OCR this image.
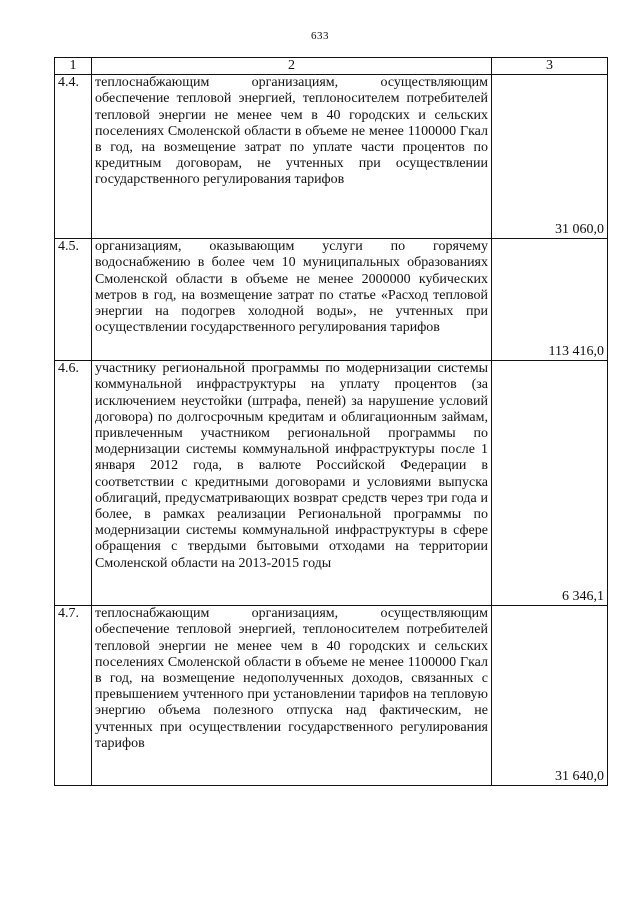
633
1	2	3
4.4.	теплоснабжающим организациям, осуществляющим обеспечение тепловой энергией, теплоносителем потребителей тепловой энергии не менее чем в 40 городских и сельских поселениях Смоленской области в объеме не менее 1100000 Гкал в год, на возмещение затрат по уплате части процентов по кредитным договорам, не учтенных при осуществлении государственного регулирования тарифов	31 060,0
4.5.	организациям, оказывающим услуги по горячему водоснабжению в более чем 10 муниципальных образованиях Смоленской области в объеме не менее 2000000 кубических метров в год, на возмещение затрат по статье «Расход тепловой энергии на подогрев холодной воды», не учтенных при осуществлении государственного регулирования тарифов	113 416,0
4.6.	участнику региональной программы по модернизации системы коммунальной инфраструктуры на уплату процентов (за исключением неустойки (штрафа, пеней) за нарушение условий договора) по долгосрочным кредитам и облигационным займам, привлеченным участником региональной программы по модернизации системы коммунальной инфраструктуры после 1 января 2012 года, в валюте Российской Федерации в соответствии с кредитными договорами и условиями выпуска облигаций, предусматривающих возврат средств через три года и более, в рамках реализации Региональной программы по модернизации системы коммунальной инфраструктуры в сфере обращения с твердыми бытовыми отходами на территории Смоленской области на 2013-2015 годы	6 346,1
4.7.	теплоснабжающим организациям, осуществляющим обеспечение тепловой энергией, теплоносителем потребителей тепловой энергии не менее чем в 40 городских и сельских поселениях Смоленской области в объеме не менее 1100000 Гкал в год, на возмещение недополученных доходов, связанных с превышением учтенного при установлении тарифов на тепловую энергию объема полезного отпуска над фактическим, не учтенных при осуществлении государственного регулирования тарифов	31 640,0
